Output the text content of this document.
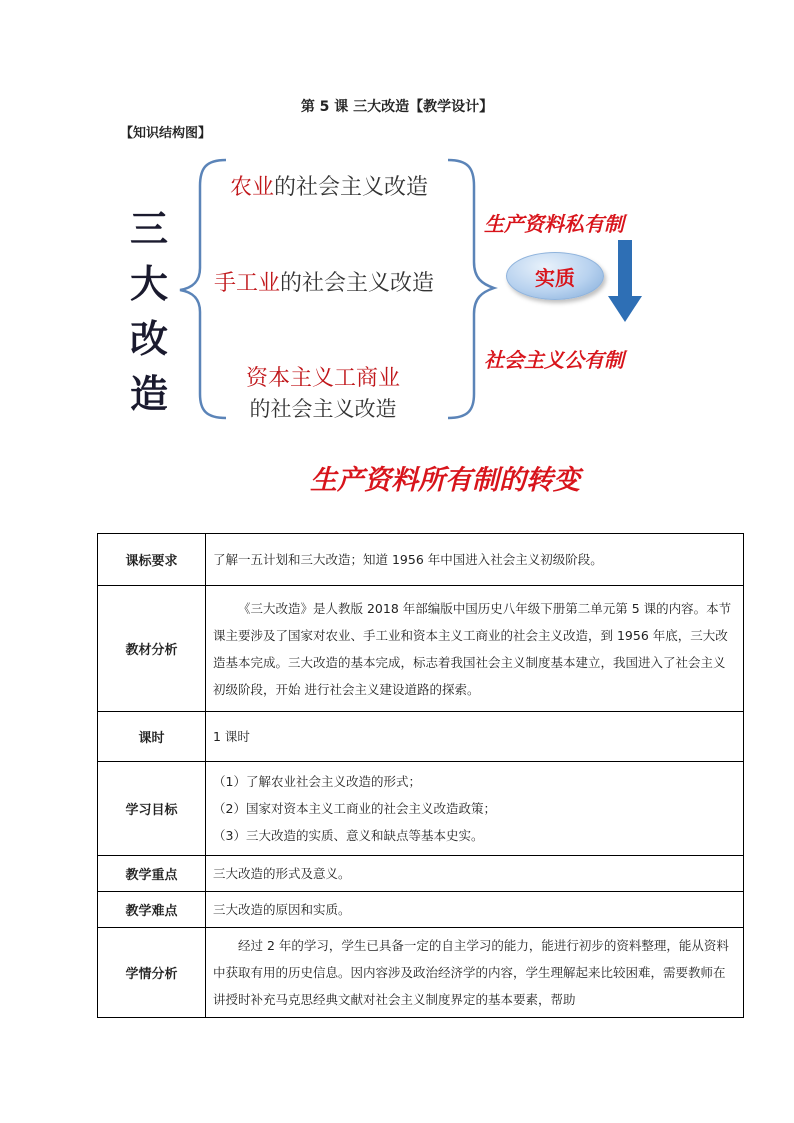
第 5 课 三大改造【教学设计】
【知识结构图】
三
大
改
造
农业的社会主义改造
手工业的社会主义改造
资本主义工商业
的社会主义改造
生产资料私有制
实质
社会主义公有制
生产资料所有制的转变
课标要求	了解一五计划和三大改造；知道 1956 年中国进入社会主义初级阶段。
教材分析	《三大改造》是人教版 2018 年部编版中国历史八年级下册第二单元第 5 课的内容。本节课主要涉及了国家对农业、手工业和资本主义工商业的社会主义改造，到 1956 年底，三大改造基本完成。三大改造的基本完成，标志着我国社会主义制度基本建立，我国进入了社会主义初级阶段，开始 进行社会主义建设道路的探索。
课时	1 课时
学习目标	（1）了解农业社会主义改造的形式；
（2）国家对资本主义工商业的社会主义改造政策；
（3）三大改造的实质、意义和缺点等基本史实。

教学重点	三大改造的形式及意义。
教学难点	三大改造的原因和实质。
学情分析	经过 2 年的学习，学生已具备一定的自主学习的能力，能进行初步的资料整理，能从资料中获取有用的历史信息。因内容涉及政治经济学的内容，学生理解起来比较困难，需要教师在讲授时补充马克思经典文献对社会主义制度界定的基本要素，帮助
